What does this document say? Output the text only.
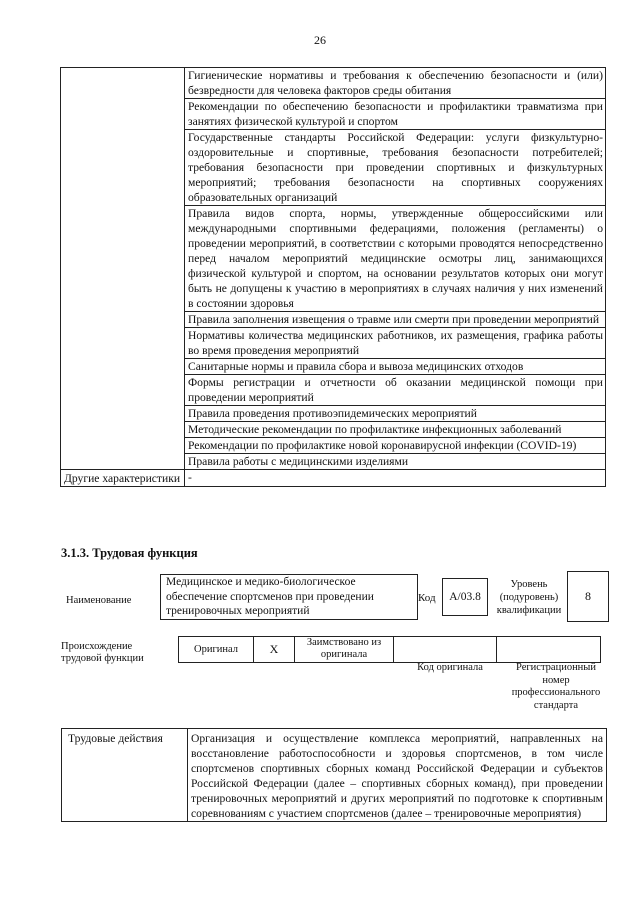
26
	Гигиенические нормативы и требования к обеспечению безопасности и (или) безвредности для человека факторов среды обитания
	Рекомендации по обеспечению безопасности и профилактики травматизма при занятиях физической культурой и спортом
	Государственные стандарты Российской Федерации: услуги физкультурно-оздоровительные и спортивные, требования безопасности потребителей; требования безопасности при проведении спортивных и физкультурных мероприятий; требования безопасности на спортивных сооружениях образовательных организаций
	Правила видов спорта, нормы, утвержденные общероссийскими или международными спортивными федерациями, положения (регламенты) о проведении мероприятий, в соответствии с которыми проводятся непосредственно перед началом мероприятий медицинские осмотры лиц, занимающихся физической культурой и спортом, на основании результатов которых они могут быть не допущены к участию в мероприятиях в случаях наличия у них изменений в состоянии здоровья
	Правила заполнения извещения о травме или смерти при проведении мероприятий
	Нормативы количества медицинских работников, их размещения, графика работы во время проведения мероприятий
	Санитарные нормы и правила сбора и вывоза медицинских отходов
	Формы регистрации и отчетности об оказании медицинской помощи при проведении мероприятий
	Правила проведения противоэпидемических мероприятий
	Методические рекомендации по профилактике инфекционных заболеваний
	Рекомендации по профилактике новой коронавирусной инфекции (COVID-19)
	Правила работы с медицинскими изделиями
Другие характеристики	-
3.1.3. Трудовая функция
Наименование
Медицинское и медико-биологическое обеспечение спортсменов при проведении тренировочных мероприятий
Код	А/03.8
Уровень (подуровень) квалификации
8
Происхождение трудовой функции
Оригинал	X	Заимствовано из оригинала		
Код оригинала	Регистрационный номер профессионального стандарта
Трудовые действия	Организация и осуществление комплекса мероприятий, направленных на восстановление работоспособности и здоровья спортсменов, в том числе спортсменов спортивных сборных команд Российской Федерации и субъектов Российской Федерации (далее – спортивных сборных команд), при проведении тренировочных мероприятий и других мероприятий по подготовке к спортивным соревнованиям с участием спортсменов (далее – тренировочные мероприятия)
